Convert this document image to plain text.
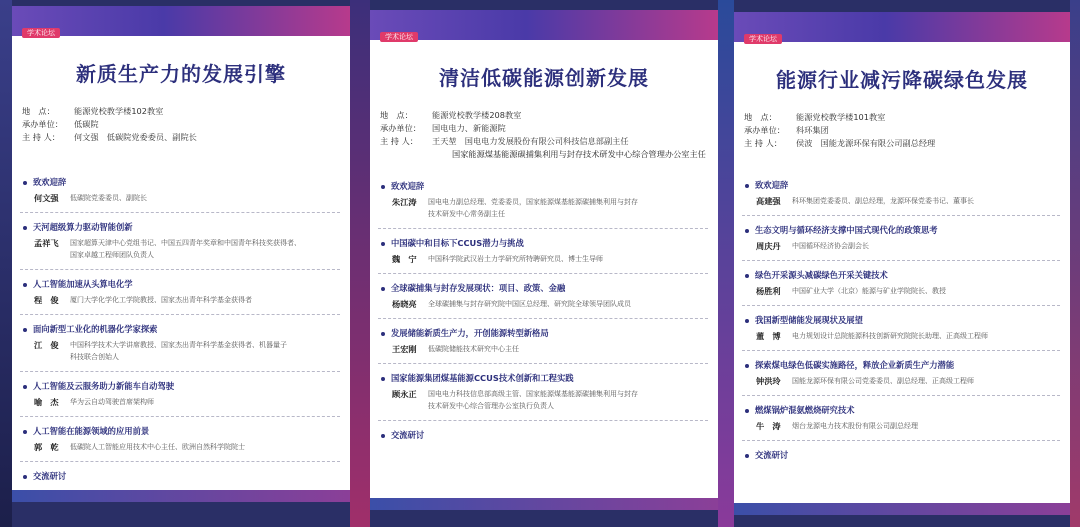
学术论坛
新质生产力的发展引擎
地　点：	能源党校教学楼102教室
承办单位：	低碳院
主 持 人：	何文强　低碳院党委委员、副院长
致欢迎辞
何文强	低碳院党委委员、副院长
天河超级算力驱动智能创新
孟祥飞	国家超算天津中心党组书记、中国五四青年奖章和中国青年科技奖获得者、
国家卓越工程师团队负责人
人工智能加速从头算电化学
程　俊	厦门大学化学化工学院教授、国家杰出青年科学基金获得者
面向新型工业化的机器化学家探索
江　俊	中国科学技术大学讲席教授、国家杰出青年科学基金获得者、机器量子
科技联合创始人
人工智能及云服务助力新能车自动驾驶
喻　杰	华为云自动驾驶首席架构师
人工智能在能源领域的应用前景
郭　乾	低碳院人工智能应用技术中心主任、欧洲自然科学院院士
交流研讨
学术论坛
清洁低碳能源创新发展
地　点：	能源党校教学楼208教室
承办单位：	国电电力、新能源院
主 持 人：	王天堃　国电电力发展股份有限公司科技信息部副主任
国家能源煤基能源碳捕集利用与封存技术研发中心综合管理办公室主任
致欢迎辞
朱江涛	国电电力副总经理、党委委员，国家能源煤基能源碳捕集利用与封存
技术研发中心常务副主任
中国碳中和目标下CCUS潜力与挑战
魏　宁	中国科学院武汉岩土力学研究所特聘研究员、博士生导师
全球碳捕集与封存发展现状：项目、政策、金融
杨晓亮	全球碳捕集与封存研究院中国区总经理、研究院全球领导团队成员
发展储能新质生产力，开创能源转型新格局
王宏刚	低碳院储能技术研究中心主任
国家能源集团煤基能源CCUS技术创新和工程实践
顾永正	国电电力科技信息部高级主管、国家能源煤基能源碳捕集利用与封存
技术研发中心综合管理办公室执行负责人
交流研讨
学术论坛
能源行业减污降碳绿色发展
地　点：	能源党校教学楼101教室
承办单位：	科环集团
主 持 人：	侯波　国能龙源环保有限公司副总经理
致欢迎辞
高建强	科环集团党委委员、副总经理，龙源环保党委书记、董事长
生态文明与循环经济支撑中国式现代化的政策思考
周庆丹	中国循环经济协会副会长
绿色开采源头减碳绿色开采关键技术
杨胜利	中国矿业大学（北京）能源与矿业学院院长、教授
我国新型储能发展现状及展望
董　博	电力规划设计总院能源科技创新研究院院长助理、正高级工程师
探索煤电绿色低碳实施路径，释放企业新质生产力潜能
钟洪玲	国能龙源环保有限公司党委委员、副总经理、正高级工程师
燃煤锅炉混氨燃烧研究技术
牛　涛	烟台龙源电力技术股份有限公司副总经理
交流研讨
